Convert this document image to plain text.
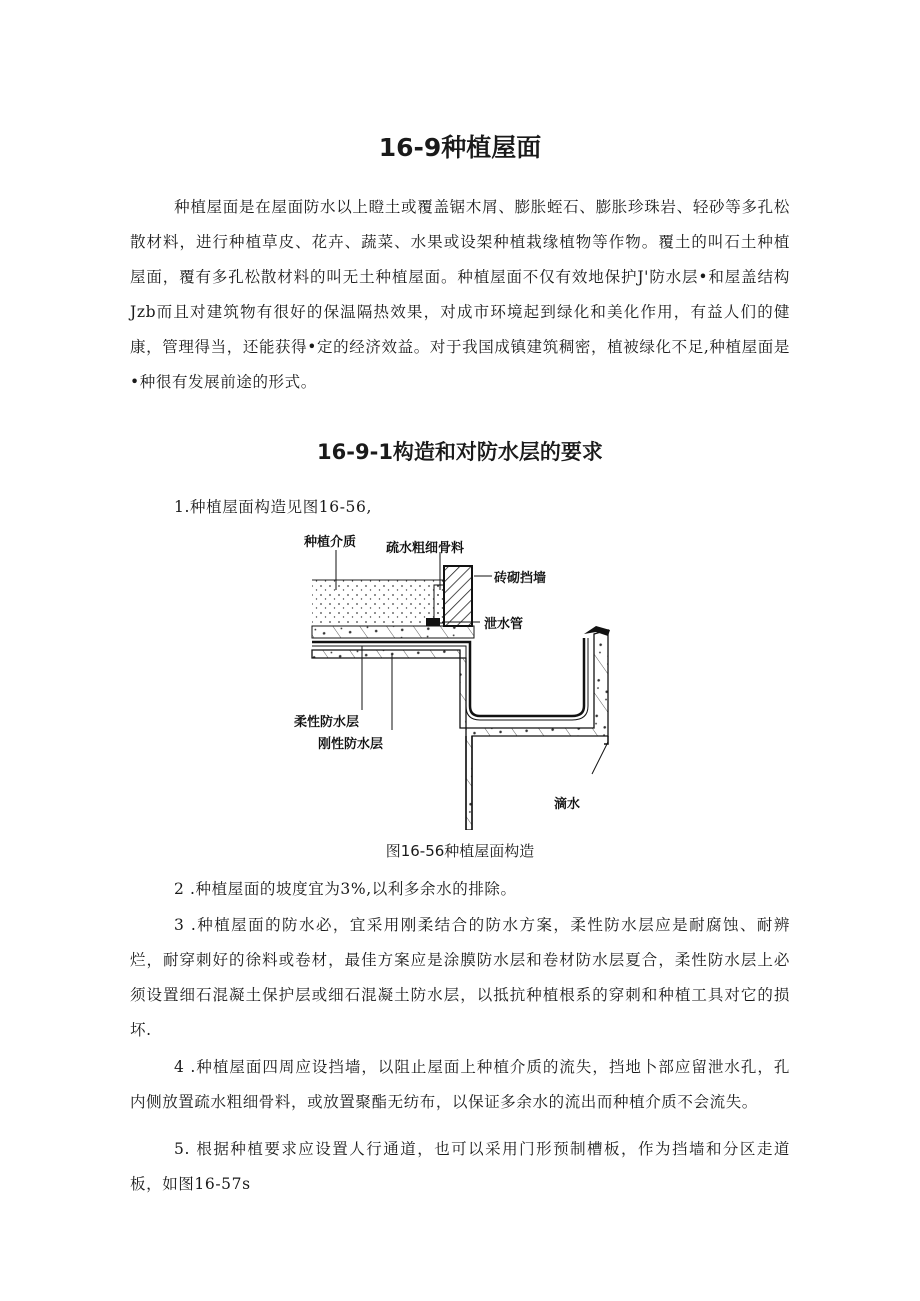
16-9种植屋面
种植屋面是在屋面防水以上瞪土或覆盖锯木屑、膨胀蛭石、膨胀珍珠岩、轻砂等多孔松散材料，进行种植草皮、花卉、蔬菜、水果或设架种植栽缘植物等作物。覆土的叫石土种植屋面，覆有多孔松散材料的叫无土种植屋面。种植屋面不仅有效地保护J'防水层•和屋盖结构Jzb而且对建筑物有很好的保温隔热效果，对成市环境起到绿化和美化作用，有益人们的健康，管理得当，还能获得•定的经济效益。对于我国成镇建筑稠密，植被绿化不足,种植屋面是•种很有发展前途的形式。
16-9-1构造和对防水层的要求
1.种植屋面构造见图16-56,
种植介质 疏水粗细骨料
砖砌挡墙
泄水管
柔性防水层
刚性防水层
滴水
图16-56种植屋面构造
2 .种植屋面的坡度宜为3%,以利多余水的排除。
3 .种植屋面的防水必，宜采用刚柔结合的防水方案，柔性防水层应是耐腐蚀、耐辨烂，耐穿刺好的徐料或卷材，最佳方案应是涂膜防水层和卷材防水层夏合，柔性防水层上必须设置细石混凝土保护层或细石混凝土防水层，以抵抗种植根系的穿刺和种植工具对它的损坏.
4 .种植屋面四周应设挡墙，以阻止屋面上种植介质的流失，挡地卜部应留泄水孔，孔内侧放置疏水粗细骨料，或放置聚酯无纺布，以保证多余水的流出而种植介质不会流失。
5. 根据种植要求应设置人行通道，也可以采用门形预制槽板，作为挡墙和分区走道板，如图16-57s
